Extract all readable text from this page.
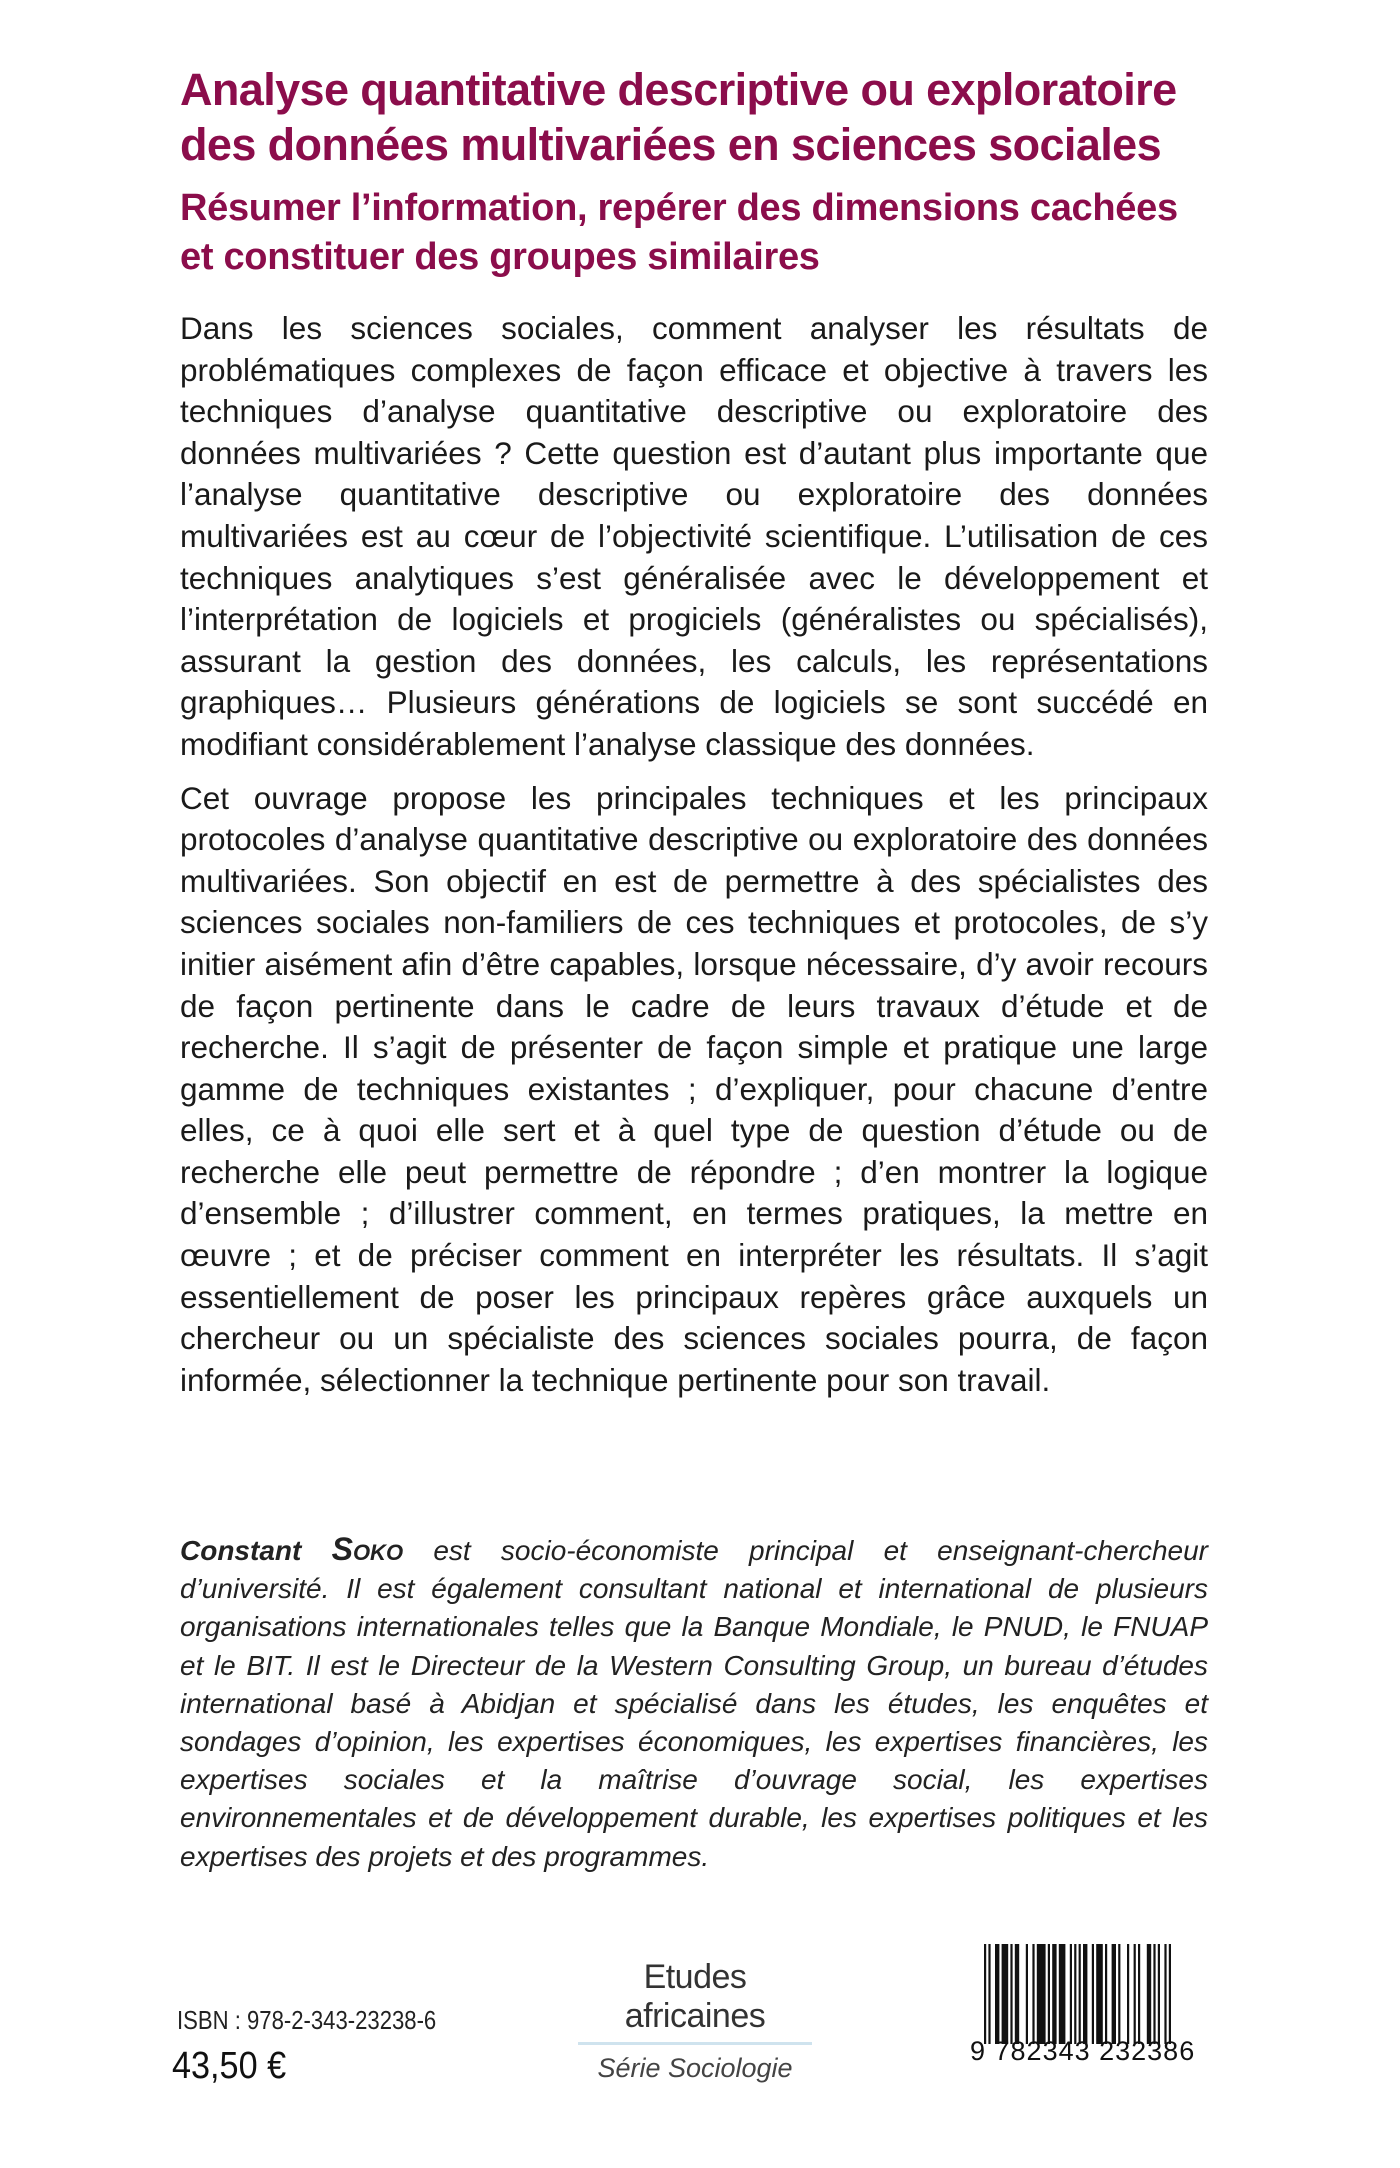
Analyse quantitative descriptive ou exploratoire
des données multivariées en sciences sociales
Résumer l’information, repérer des dimensions cachées
et constituer des groupes similaires

Dans les sciences sociales, comment analyser les résultats de problématiques complexes de façon efficace et objective à travers les techniques d’analyse quantitative descriptive ou exploratoire des données multivariées ? Cette question est d’autant plus importante que l’analyse quantitative descriptive ou exploratoire des données multivariées est au cœur de l’objectivité scientifique. L’utilisation de ces techniques analytiques s’est généralisée avec le développement et l’interprétation de logiciels et progiciels (généralistes ou spécialisés), assurant la gestion des données, les calculs, les représentations graphiques… Plusieurs générations de logiciels se sont succédé en modifiant considérablement l’analyse classique des données.

Cet ouvrage propose les principales techniques et les principaux protocoles d’analyse quantitative descriptive ou exploratoire des données multivariées. Son objectif en est de permettre à des spécialistes des sciences sociales non-familiers de ces techniques et protocoles, de s’y initier aisément afin d’être capables, lorsque nécessaire, d’y avoir recours de façon pertinente dans le cadre de leurs travaux d’étude et de recherche. Il s’agit de présenter de façon simple et pratique une large gamme de techniques existantes ; d’expliquer, pour chacune d’entre elles, ce à quoi elle sert et à quel type de question d’étude ou de recherche elle peut permettre de répondre ; d’en montrer la logique d’ensemble ; d’illustrer comment, en termes pratiques, la mettre en œuvre ; et de préciser comment en interpréter les résultats. Il s’agit essentiellement de poser les principaux repères grâce auxquels un chercheur ou un spécialiste des sciences sociales pourra, de façon informée, sélectionner la technique pertinente pour son travail.

Constant Soko est socio-économiste principal et enseignant-chercheur d’université. Il est également consultant national et international de plusieurs organisations internationales telles que la Banque Mondiale, le PNUD, le FNUAP et le BIT. Il est le Directeur de la Western Consulting Group, un bureau d’études international basé à Abidjan et spécialisé dans les études, les enquêtes et sondages d’opinion, les expertises économiques, les expertises financières, les expertises sociales et la maîtrise d’ouvrage social, les expertises environnementales et de développement durable, les expertises politiques et les expertises des projets et des programmes.
ISBN : 978-2-343-23238-6
43,50 €
Etudes africaines
Série Sociologie
9 782343 232386
